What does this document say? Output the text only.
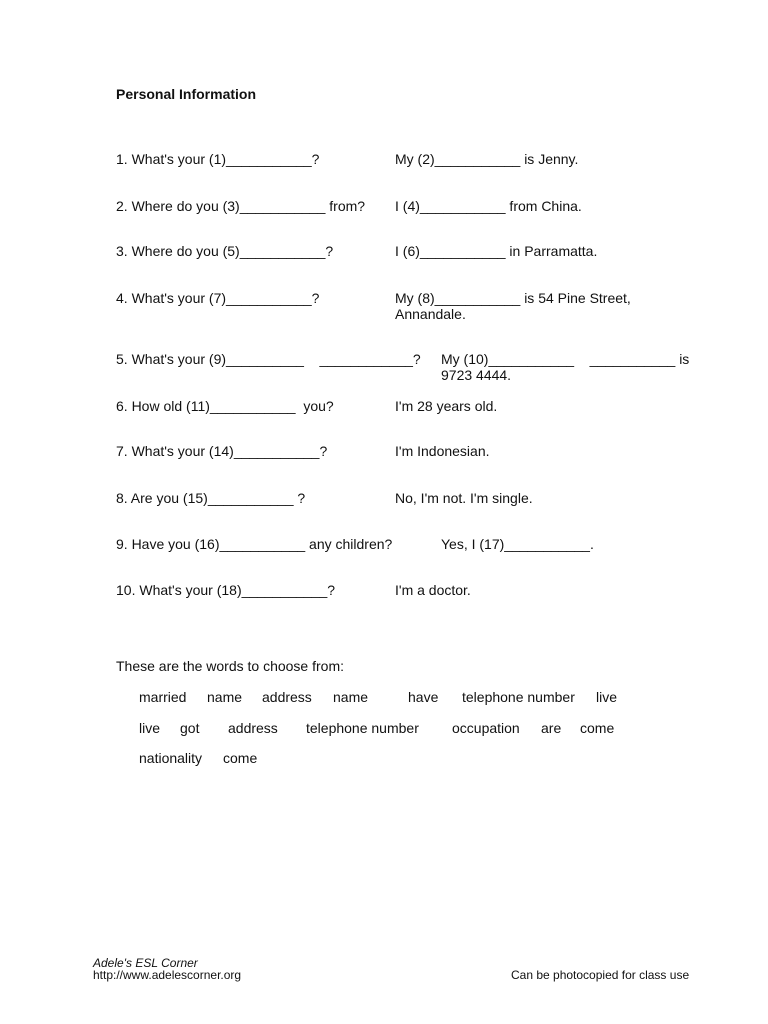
Personal Information
1. What's your (1)___________?	My (2)___________ is Jenny.
2. Where do you (3)___________ from? I (4)___________ from China.
3. Where do you (5)___________?	I (6)___________ in Parramatta.
4. What's your (7)___________?	My (8)___________ is 54 Pine Street, Annandale.
5. What's your (9)__________    ____________? My (10)___________    ___________ is 9723 4444.
6. How old (11)___________  you?	I'm 28 years old.
7. What's your (14)___________?	I'm Indonesian.
8. Are you (15)___________ ?	No, I'm not. I'm single.
9. Have you (16)___________ any children?	Yes, I (17)___________.
10. What's your (18)___________?	I'm a doctor.
These are the words to choose from:
married name address name	have telephone number live
live got address telephone number occupation are come
nationality come
Adele's ESL Corner
http://www.adelescorner.org	Can be photocopied for class use
